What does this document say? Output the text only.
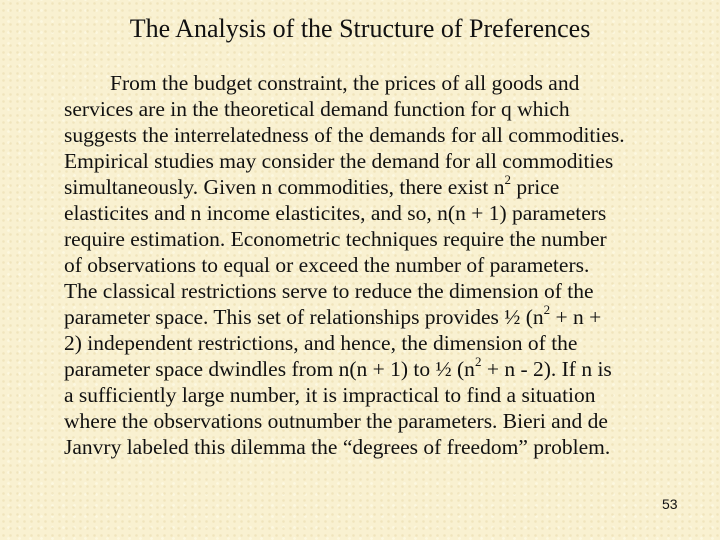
The Analysis of the Structure of Preferences

From the budget constraint, the prices of all goods and
services are in the theoretical demand function for q which
suggests the interrelatedness of the demands for all commodities.
Empirical studies may consider the demand for all commodities
simultaneously. Given n commodities, there exist $n^2$ price
elasticites and n income elasticites, and so, n(n + 1) parameters
require estimation. Econometric techniques require the number
of observations to equal or exceed the number of parameters.
The classical restrictions serve to reduce the dimension of the
parameter space. This set of relationships provides ½ ($n^2 + n$ +
2) independent restrictions, and hence, the dimension of the
parameter space dwindles from n(n + 1) to ½ $(n^2 + n - 2)$. If n is
a sufficiently large number, it is impractical to find a situation
where the observations outnumber the parameters. Bieri and de
Janvry labeled this dilemma the “degrees of freedom” problem.

53
